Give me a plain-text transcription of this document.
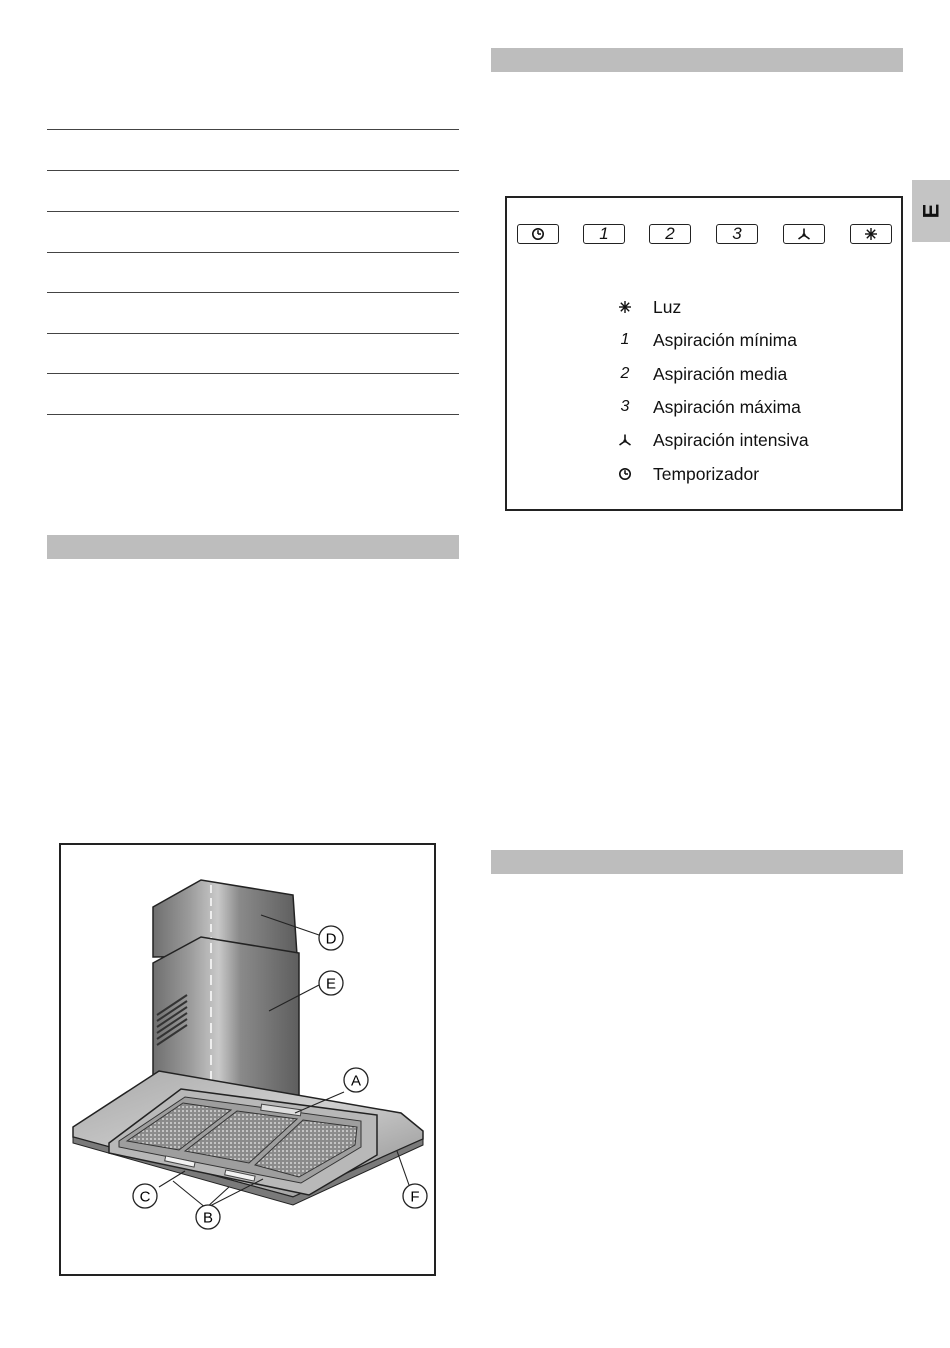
E
1	2	3
Luz
1	Aspiración mínima
2	Aspiración media
3	Aspiración máxima
Aspiración intensiva
Temporizador
D
E
A
C
B
F
